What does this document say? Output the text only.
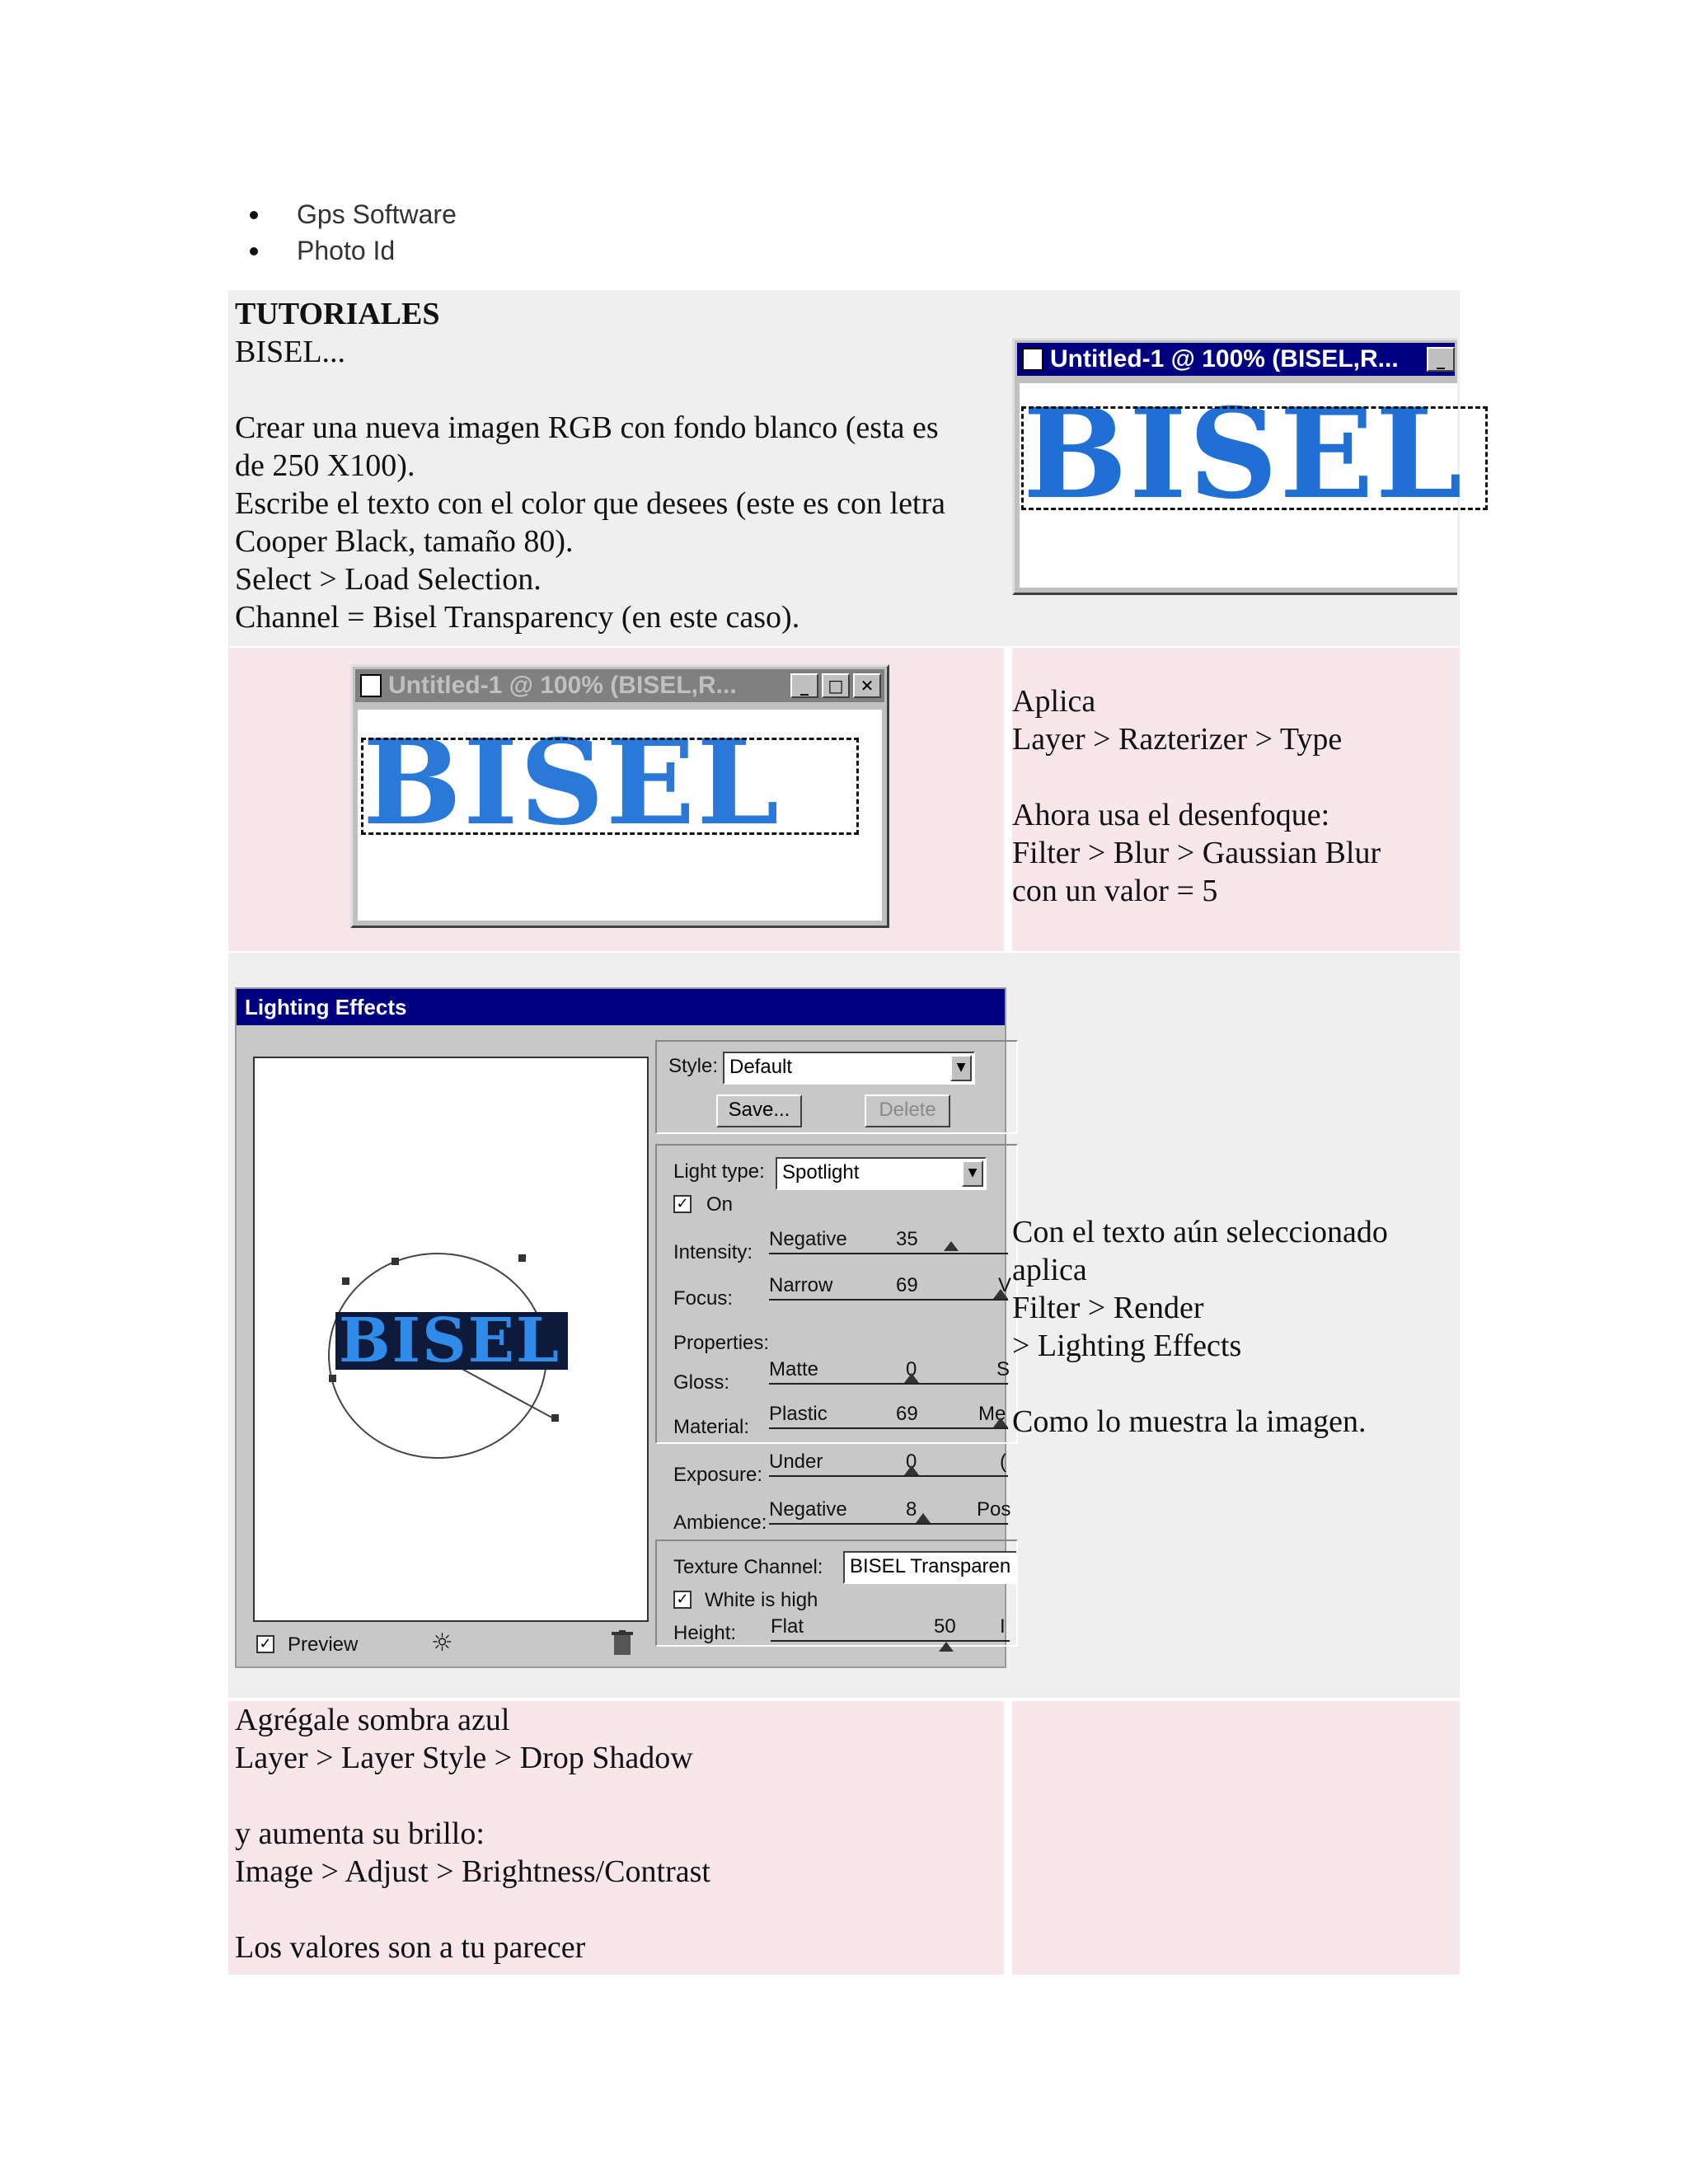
Gps Software
Photo Id

TUTORIALES

BISEL...

Crear una nueva imagen RGB con fondo blanco (esta es

de 250 X100).

Escribe el texto con el color que desees (este es con letra

Cooper Black, tamaño 80).

Select > Load Selection.

Channel = Bisel Transparency (en este caso).

Untitled-1 @ 100% (BISEL,R...	_
BISEL
Untitled-1 @ 100% (BISEL,R...	_	□	✕
BISEL

Aplica

Layer > Razterizer > Type

Ahora usa el desenfoque:

Filter > Blur > Gaussian Blur

con un valor = 5

Lighting Effects
BISEL
✓ Preview	☼
Style: Default	▼
Save...	Delete
Light type: Spotlight	▼
✓ On
Intensity:
Negative 35
Focus:
Narrow	69	V
Properties:
Gloss:
Matte	0	S
Material:
Plastic	69	Me
Exposure:
Under	0	(
Ambience:
Negative	8	Pos
Texture Channel:	BISEL Transparen
✓ White is high
Height: Flat	50 I

Con el texto aún seleccionado

aplica

Filter > Render

> Lighting Effects

Como lo muestra la imagen.

Agrégale sombra azul

Layer > Layer Style > Drop Shadow

y aumenta su brillo:

Image > Adjust > Brightness/Contrast

Los valores son a tu parecer
